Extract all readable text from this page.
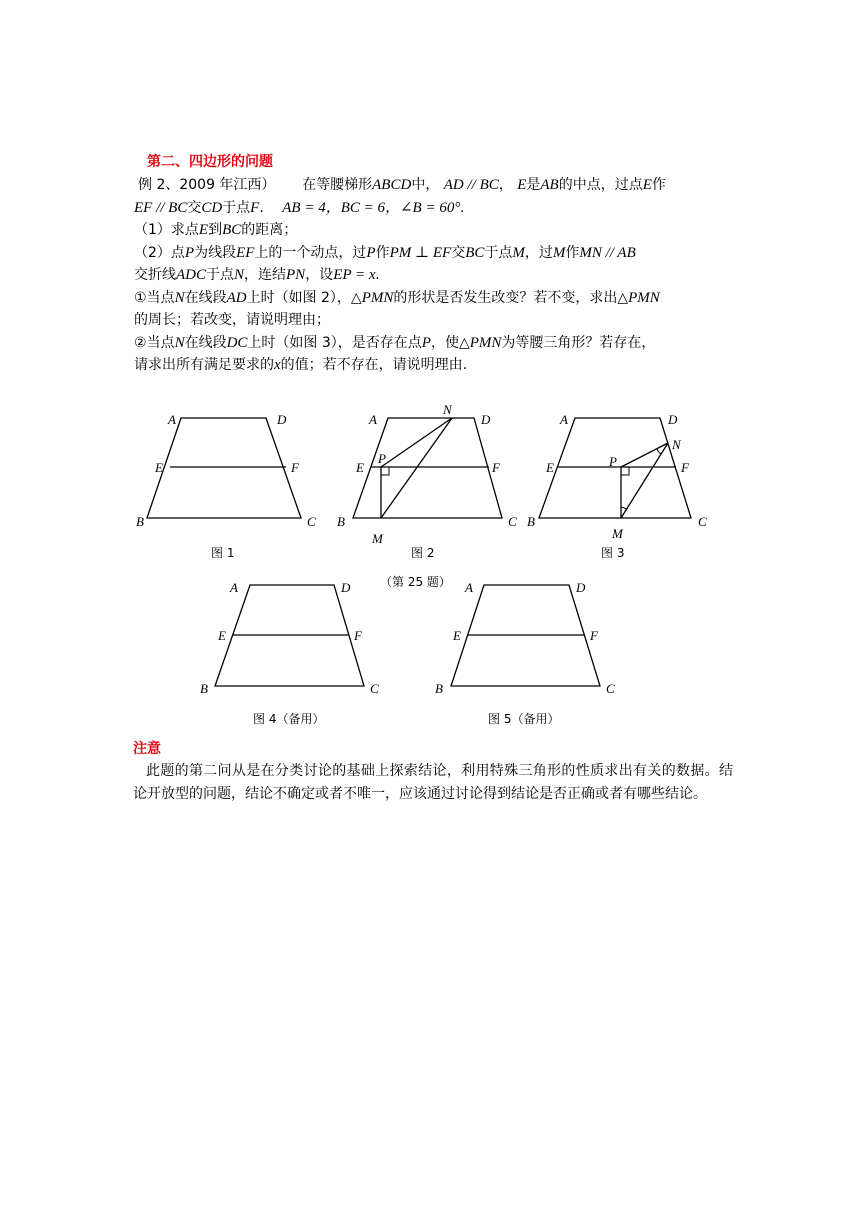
第二、四边形的问题

例 2、2009 年江西） 在等腰梯形ABCD中， AD // BC， E是AB的中点，过点E作

EF // BC交CD于点F． AB = 4，BC = 6，∠B = 60°.

（1）求点E到BC的距离；

（2）点P为线段EF上的一个动点，过P作PM ⊥ EF交BC于点M，过M作MN // AB

交折线ADC于点N，连结PN，设EP = x.

①当点N在线段AD上时（如图 2），△PMN的形状是否发生改变？若不变，求出△PMN

的周长；若改变，请说明理由；

②当点N在线段DC上时（如图 3），是否存在点P，使△PMN为等腰三角形？若存在，

请求出所有满足要求的x的值；若不存在，请说明理由.

A	D
E	F
B	C
图 1
A
N
D
E
P
F
B
M
C
图 2
（第 25 题）
A	D
N
E	P	F
B
M
C
图 3
A	D
E	F
B	C
图 4（备用）
A	D
E	F
B	C
图 5（备用）
注意
此题的第二问从是在分类讨论的基础上探索结论，利用特殊三角形的性质求出有关的数据。结论开放型的问题，结论不确定或者不唯一，应该通过讨论得到结论是否正确或者有哪些结论。
